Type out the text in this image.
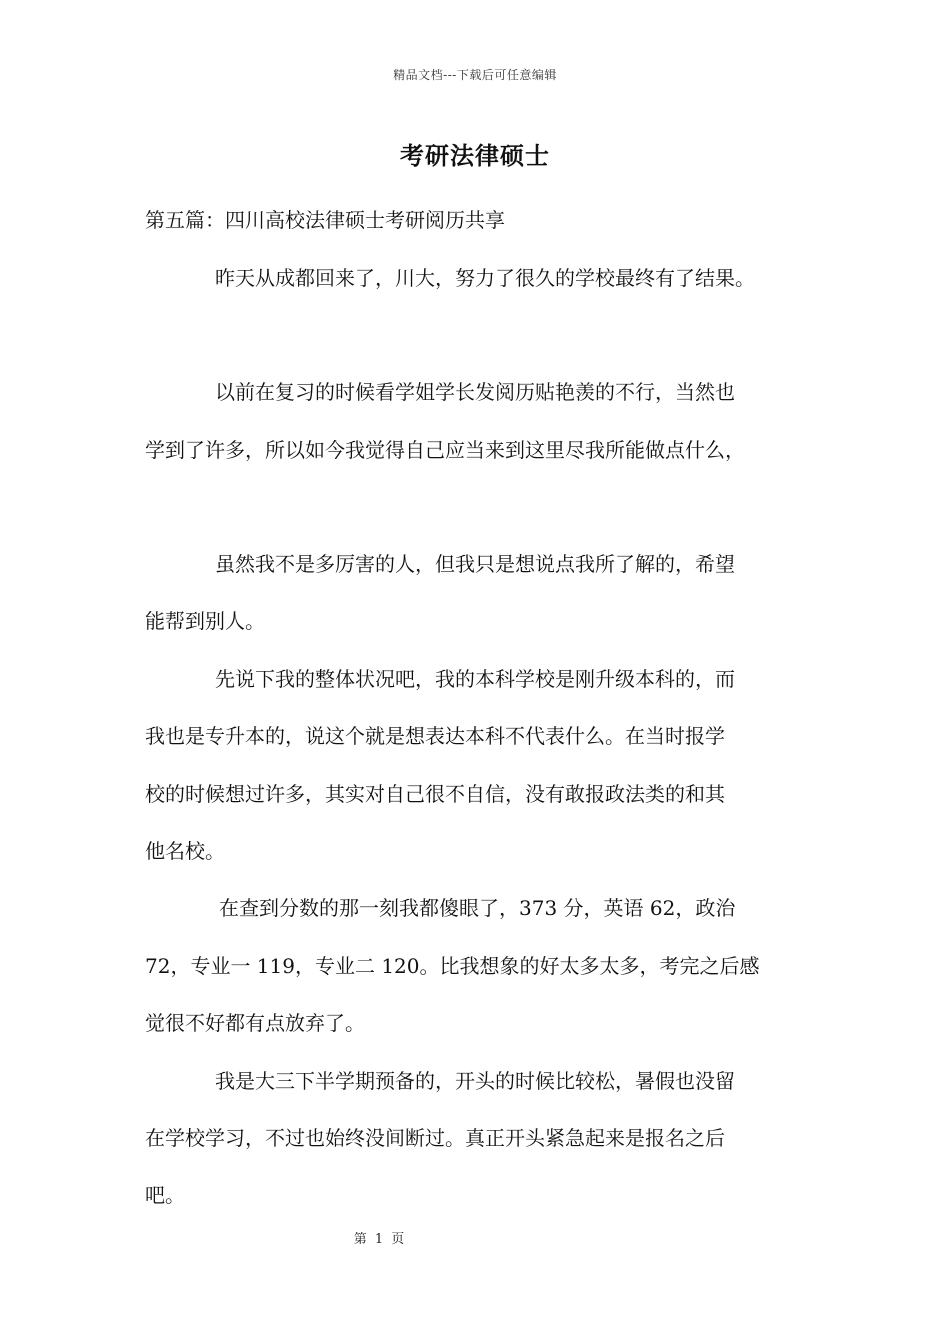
精品文档---下载后可任意编辑
考研法律硕士
第五篇：四川高校法律硕士考研阅历共享
昨天从成都回来了，川大，努力了很久的学校最终有了结果。
以前在复习的时候看学姐学长发阅历贴艳羡的不行，当然也
学到了许多，所以如今我觉得自己应当来到这里尽我所能做点什么，
虽然我不是多厉害的人，但我只是想说点我所了解的，希望
能帮到别人。
先说下我的整体状况吧，我的本科学校是刚升级本科的，而
我也是专升本的，说这个就是想表达本科不代表什么。在当时报学
校的时候想过许多，其实对自己很不自信，没有敢报政法类的和其
他名校。
在查到分数的那一刻我都傻眼了，373 分，英语 62，政治
72，专业一 119，专业二 120。比我想象的好太多太多，考完之后感
觉很不好都有点放弃了。
我是大三下半学期预备的，开头的时候比较松，暑假也没留
在学校学习，不过也始终没间断过。真正开头紧急起来是报名之后
吧。
第 1 页
